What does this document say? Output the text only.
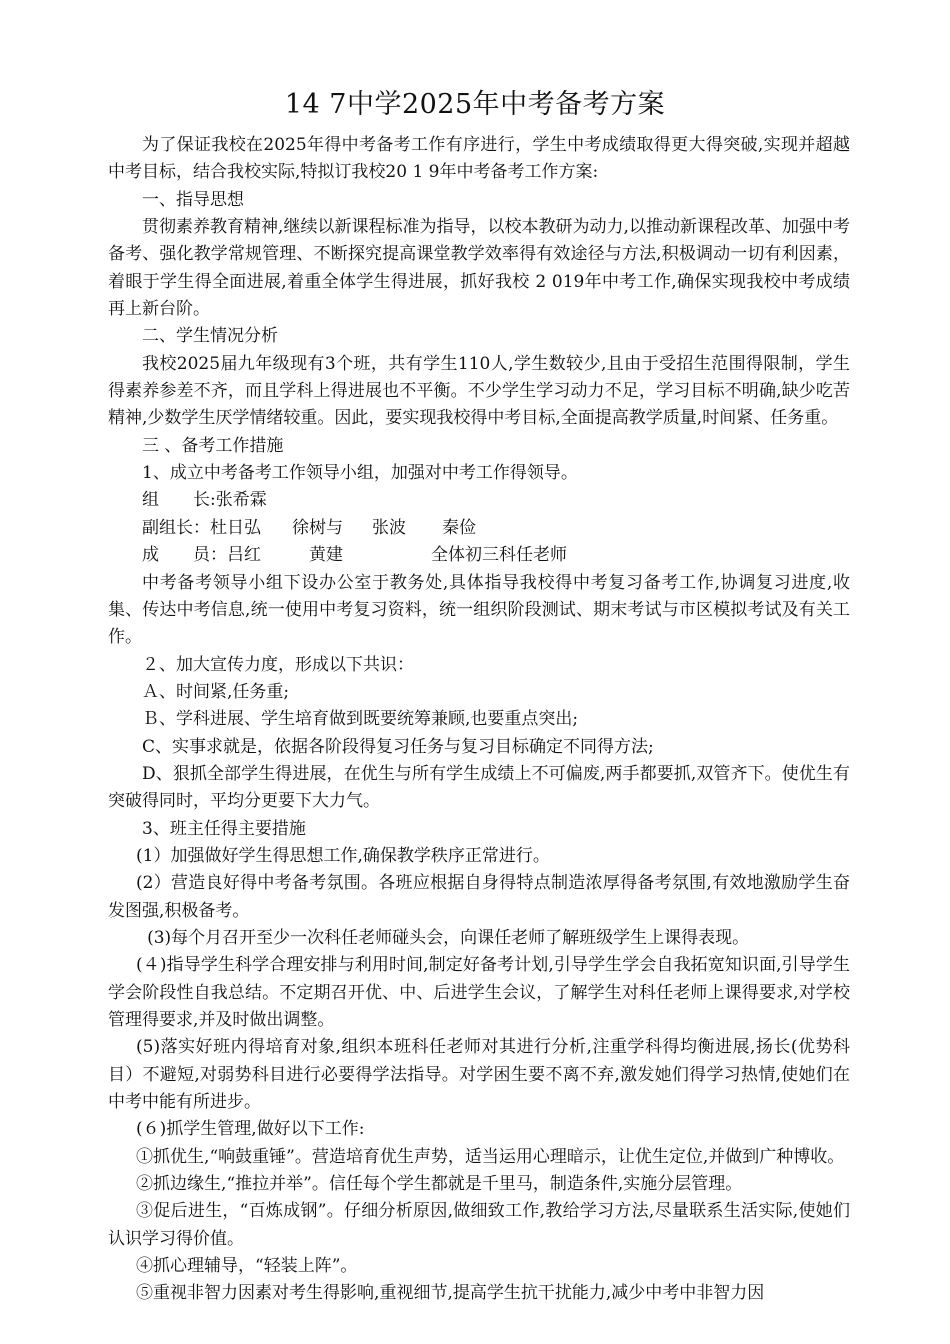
14 7中学2025年中考备考方案

为了保证我校在2025年得中考备考工作有序进行，学生中考成绩取得更大得突破,实现并超越中考目标，结合我校实际,特拟订我校20 1 9年中考备考工作方案:

一、指导思想

贯彻素养教育精神,继续以新课程标准为指导，以校本教研为动力,以推动新课程改革、加强中考备考、强化教学常规管理、不断探究提高课堂教学效率得有效途径与方法,积极调动一切有利因素，着眼于学生得全面进展,着重全体学生得进展，抓好我校 2 019年中考工作,确保实现我校中考成绩再上新台阶。

二、学生情况分析

我校2025届九年级现有3个班，共有学生110人,学生数较少,且由于受招生范围得限制，学生得素养参差不齐，而且学科上得进展也不平衡。不少学生学习动力不足，学习目标不明确,缺少吃苦精神,少数学生厌学情绪较重。因此，要实现我校得中考目标,全面提高教学质量,时间紧、任务重。

三 、备考工作措施

1、成立中考备考工作领导小组，加强对中考工作得领导。

组　　长: 张希霖
副组长： 杜日弘	徐树与	张波	秦俭
成　　员： 吕红	黄建	全体初三科任老师

中考备考领导小组下设办公室于教务处,具体指导我校得中考复习备考工作,协调复习进度,收集、传达中考信息,统一使用中考复习资料，统一组织阶段测试、期末考试与市区模拟考试及有关工作。

２、加大宣传力度，形成以下共识：

Ａ、时间紧,任务重;

Ｂ、学科进展、学生培育做到既要统筹兼顾,也要重点突出;

C、实事求就是，依据各阶段得复习任务与复习目标确定不同得方法;

D、狠抓全部学生得进展，在优生与所有学生成绩上不可偏废,两手都要抓,双管齐下。使优生有突破得同时，平均分更要下大力气。

3、班主任得主要措施

(1）加强做好学生得思想工作,确保教学秩序正常进行。

(2）营造良好得中考备考氛围。各班应根据自身得特点制造浓厚得备考氛围,有效地激励学生奋发图强,积极备考。

(3)每个月召开至少一次科任老师碰头会，向课任老师了解班级学生上课得表现。

(４)指导学生科学合理安排与利用时间,制定好备考计划,引导学生学会自我拓宽知识面,引导学生学会阶段性自我总结。不定期召开优、中、后进学生会议，了解学生对科任老师上课得要求,对学校管理得要求,并及时做出调整。

(5)落实好班内得培育对象,组织本班科任老师对其进行分析,注重学科得均衡进展,扬长(优势科目）不避短,对弱势科目进行必要得学法指导。对学困生要不离不弃,激发她们得学习热情,使她们在中考中能有所进步。

(６)抓学生管理,做好以下工作:

①抓优生,“响鼓重锤”。营造培育优生声势，适当运用心理暗示，让优生定位,并做到广种博收。

②抓边缘生,“推拉并举”。信任每个学生都就是千里马，制造条件,实施分层管理。

③促后进生，“百炼成钢”。仔细分析原因,做细致工作,教给学习方法,尽量联系生活实际,使她们认识学习得价值。

④抓心理辅导，“轻装上阵”。

⑤重视非智力因素对考生得影响,重视细节,提高学生抗干扰能力,减少中考中非智力因
